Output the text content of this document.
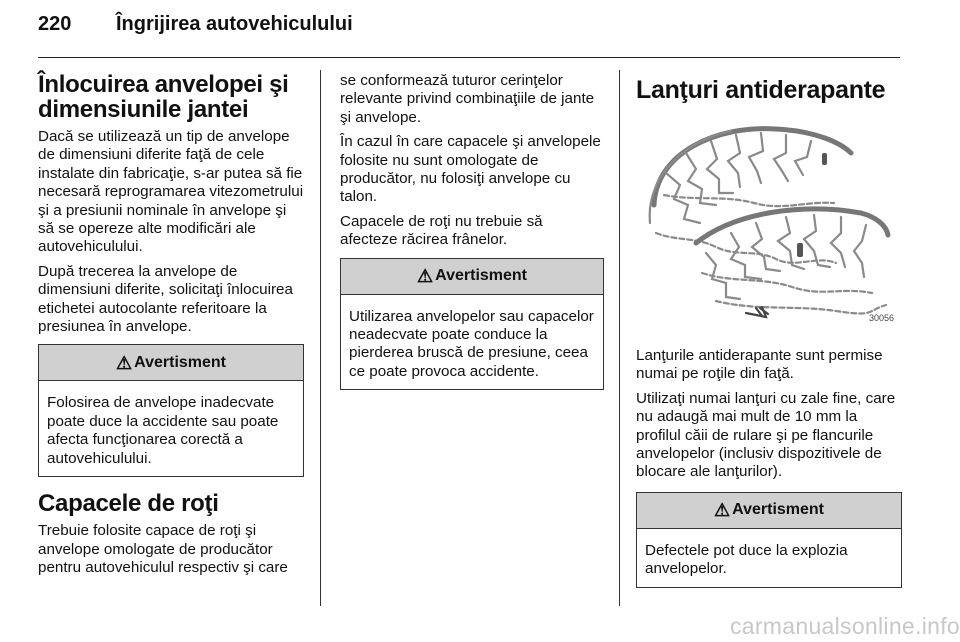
220	Îngrijirea autovehiculului
Înlocuirea anvelopei şi dimensiunile jantei

Dacă se utilizează un tip de anvelope de dimensiuni diferite faţă de cele instalate din fabricaţie, s-ar putea să fie necesară reprogramarea vitezometrului şi a presiunii nominale în anvelope şi să se opereze alte modificări ale autovehiculului.

După trecerea la anvelope de dimensiuni diferite, solicitaţi înlocuirea etichetei autocolante referitoare la presiunea în anvelope.

⚠ Avertisment
Folosirea de anvelope inadecvate poate duce la accidente sau poate afecta funcţionarea corectă a autovehiculului.
Capacele de roţi

Trebuie folosite capace de roţi şi anvelope omologate de producător pentru autovehiculul respectiv şi care

se conformează tuturor cerinţelor relevante privind combinaţiile de jante şi anvelope.

În cazul în care capacele şi anvelopele folosite nu sunt omologate de producător, nu folosiţi anvelope cu talon.

Capacele de roţi nu trebuie să afecteze răcirea frânelor.

⚠ Avertisment
Utilizarea anvelopelor sau capacelor neadecvate poate conduce la pierderea bruscă de presiune, ceea ce poate provoca accidente.
Lanţuri antiderapante
30056

Lanţurile antiderapante sunt permise numai pe roţile din faţă.

Utilizaţi numai lanţuri cu zale fine, care nu adaugă mai mult de 10 mm la profilul căii de rulare şi pe flancurile anvelopelor (inclusiv dispozitivele de blocare ale lanţurilor).

⚠ Avertisment
Defectele pot duce la explozia anvelopelor.
carmanualsonline.info
